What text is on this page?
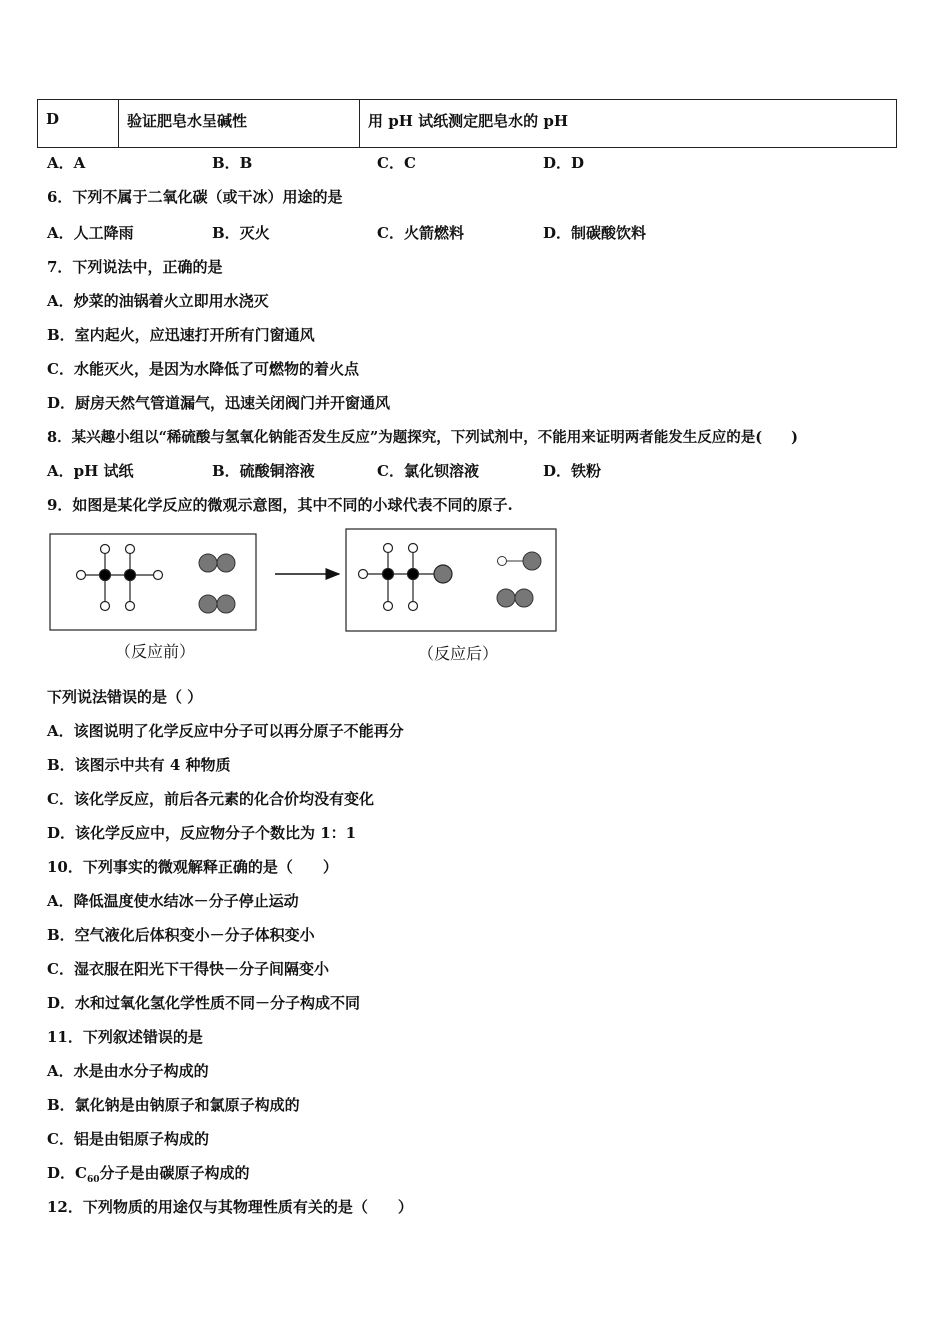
D	验证肥皂水呈碱性	用 pH 试纸测定肥皂水的 pH
A．A	B．B	C．C	D．D
6．下列不属于二氧化碳（或干冰）用途的是
A．人工降雨	B．灭火	C．火箭燃料	D．制碳酸饮料
7．下列说法中，正确的是
A．炒菜的油锅着火立即用水浇灭
B．室内起火，应迅速打开所有门窗通风
C．水能灭火，是因为水降低了可燃物的着火点
D．厨房天然气管道漏气，迅速关闭阀门并开窗通风
8．某兴趣小组以“稀硫酸与氢氧化钠能否发生反应”为题探究，下列试剂中，不能用来证明两者能发生反应的是(　　)
A．pH 试纸	B．硫酸铜溶液	C．氯化钡溶液	D．铁粉
9．如图是某化学反应的微观示意图，其中不同的小球代表不同的原子.
（反应前）	（反应后）
下列说法错误的是（ ）
A．该图说明了化学反应中分子可以再分原子不能再分
B．该图示中共有 4 种物质
C．该化学反应，前后各元素的化合价均没有变化
D．该化学反应中，反应物分子个数比为 1：1
10．下列事实的微观解释正确的是（　　）
A．降低温度使水结冰－分子停止运动
B．空气液化后体积变小－分子体积变小
C．湿衣服在阳光下干得快－分子间隔变小
D．水和过氧化氢化学性质不同－分子构成不同
11．下列叙述错误的是
A．水是由水分子构成的
B．氯化钠是由钠原子和氯原子构成的
C．铝是由铝原子构成的
D．$C_{60}$分子是由碳原子构成的
12．下列物质的用途仅与其物理性质有关的是（　　）
